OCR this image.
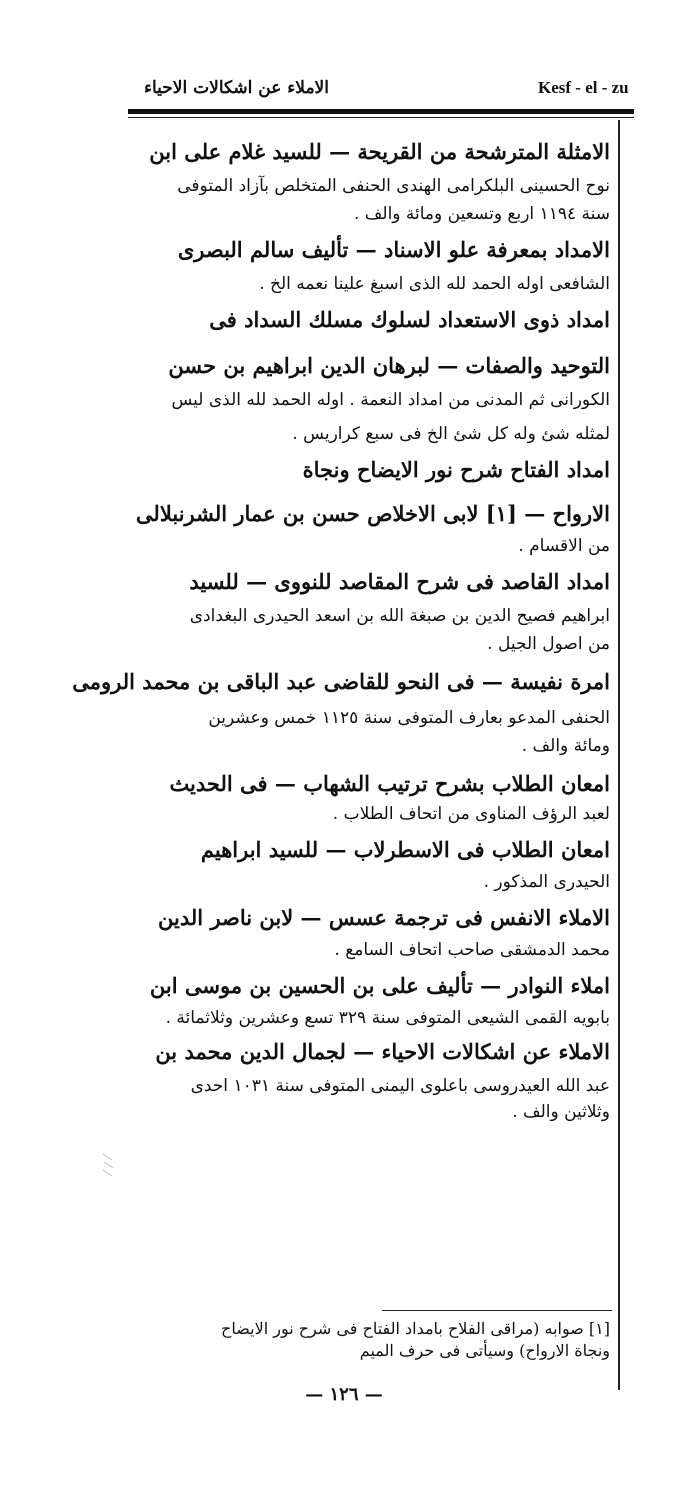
الاملاء عن اشكالات الاحياء	Kesf - el - zu
الامثلة المترشحة من القريحة — للسيد غلام على ابن
نوح الحسينى البلكرامى الهندى الحنفى المتخلص بآزاد المتوفى
سنة ١١٩٤ اربع وتسعين ومائة والف .
الامداد بمعرفة علو الاسناد — تأليف سالم البصرى
الشافعى اوله الحمد لله الذى اسبغ علينا نعمه الخ .
امداد ذوى الاستعداد لسلوك مسلك السداد فى
التوحيد والصفات — لبرهان الدين ابراهيم بن حسن
الكورانى ثم المدنى من امداد النعمة . اوله الحمد لله الذى ليس
لمثله شئ وله كل شئ الخ فى سبع كراريس .
امداد الفتاح شرح نور الايضاح ونجاة
الارواح — [١] لابى الاخلاص حسن بن عمار الشرنبلالى
من الاقسام .
امداد القاصد فى شرح المقاصد للنووى — للسيد
ابراهيم فصيح الدين بن صبغة الله بن اسعد الحيدرى البغدادى
من اصول الجيل .
امرة نفيسة — فى النحو للقاضى عبد الباقى بن محمد الرومى
الحنفى المدعو بعارف المتوفى سنة ١١٢٥ خمس وعشرين
ومائة والف .
امعان الطلاب بشرح ترتيب الشهاب — فى الحديث
لعبد الرؤف المناوى من اتحاف الطلاب .
امعان الطلاب فى الاسطرلاب — للسيد ابراهيم
الحيدرى المذكور .
الاملاء الانفس فى ترجمة عسس — لابن ناصر الدين
محمد الدمشقى صاحب اتحاف السامع .
املاء النوادر — تأليف على بن الحسين بن موسى ابن
بابويه القمى الشيعى المتوفى سنة ٣٢٩ تسع وعشرين وثلاثمائة .
الاملاء عن اشكالات الاحياء — لجمال الدين محمد بن
عبد الله العيدروسى باعلوى اليمنى المتوفى سنة ١٠٣١ احدى
وثلاثين والف .
[١] صوابه (مراقى الفلاح بامداد الفتاح فى شرح نور الايضاح
ونجاة الارواح) وسيأتى فى حرف الميم
— ١٢٦ —
